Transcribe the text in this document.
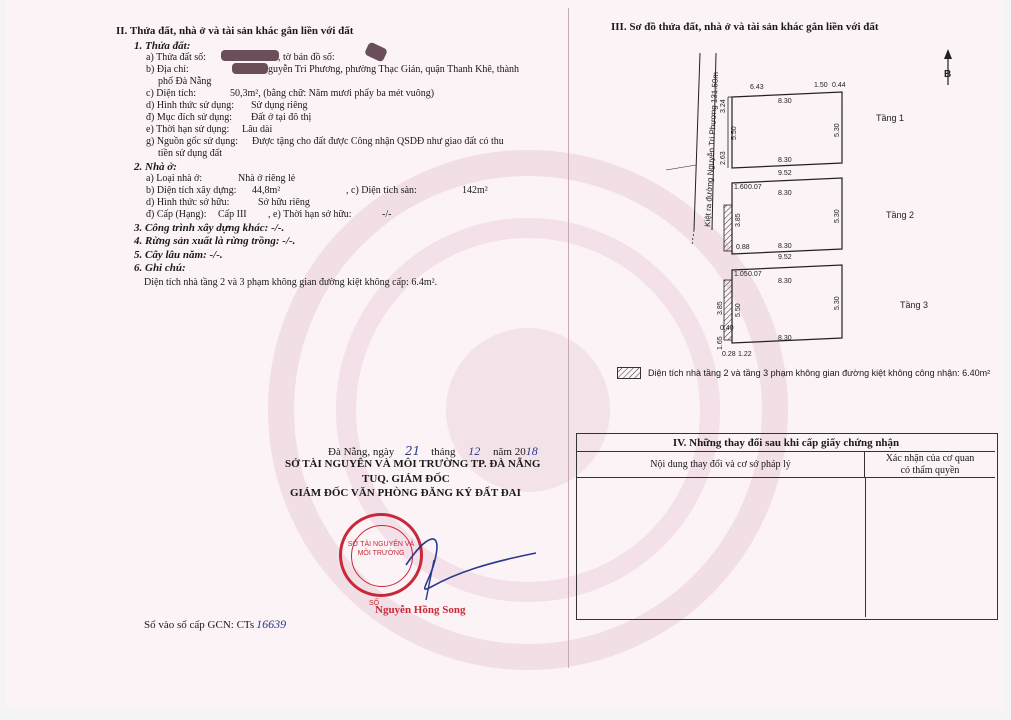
II. Thửa đất, nhà ở và tài sản khác gắn liền với đất
1. Thửa đất:
a) Thửa đất số:	, tờ bản đồ số:
b) Địa chỉ:	guyễn Tri Phương, phường Thạc Gián, quận Thanh Khê, thành
phố Đà Nẵng
c) Diện tích:	50,3m², (bằng chữ: Năm mươi phẩy ba mét vuông)
d) Hình thức sử dụng: Sử dụng riêng
đ) Mục đích sử dụng: Đất ở tại đô thị
e) Thời hạn sử dụng: Lâu dài
g) Nguồn gốc sử dụng: Được tặng cho đất được Công nhận QSDĐ như giao đất có thu
tiền sử dụng đất
2. Nhà ở:
a) Loại nhà ở:	Nhà ở riêng lẻ
b) Diện tích xây dựng: 44,8m²	, c) Diện tích sàn:	142m²
d) Hình thức sở hữu:	Sở hữu riêng
đ) Cấp (Hạng): Cấp III , e) Thời hạn sở hữu:	-/-
3. Công trình xây dựng khác: -/-.
4. Rừng sản xuất là rừng trồng: -/-.
5. Cây lâu năm: -/-.
6. Ghi chú:
Diện tích nhà tầng 2 và 3 phạm không gian đường kiệt không cấp: 6.4m².
Đà Nẵng, ngày 21 tháng 12 năm 2018
SỞ TÀI NGUYÊN VÀ MÔI TRƯỜNG TP. ĐÀ NẴNG
TUQ. GIÁM ĐỐC
GIÁM ĐỐC VĂN PHÒNG ĐĂNG KÝ ĐẤT ĐAI
SỞ TÀI NGUYÊN VÀ MÔI TRƯỜNG
SỐ
Nguyễn Hồng Song
Số vào sổ cấp GCN: CTs 16639
III. Sơ đồ thửa đất, nhà ở và tài sản khác gắn liền với đất
B
Kiệt ra đường Nguyễn Tri Phương 131.50m	6.43	1.50 0.44
8.30
3.24
5.50
2.63
5.30
8.30
9.52
Tầng 1
1.60 0.07
8.30
3.85
0.88
5.30
8.30
9.52
Tầng 2
1.05 0.07
8.30
3.85 5.50
0.40
1.65
5.30
8.30
0.28 1.22
Tầng 3
Diện tích nhà tầng 2 và tầng 3 phạm không gian đường kiệt không công nhận: 6.40m²
IV. Những thay đổi sau khi cấp giấy chứng nhận
Nội dung thay đổi và cơ sở pháp lý
Xác nhận của cơ quan
có thẩm quyền
